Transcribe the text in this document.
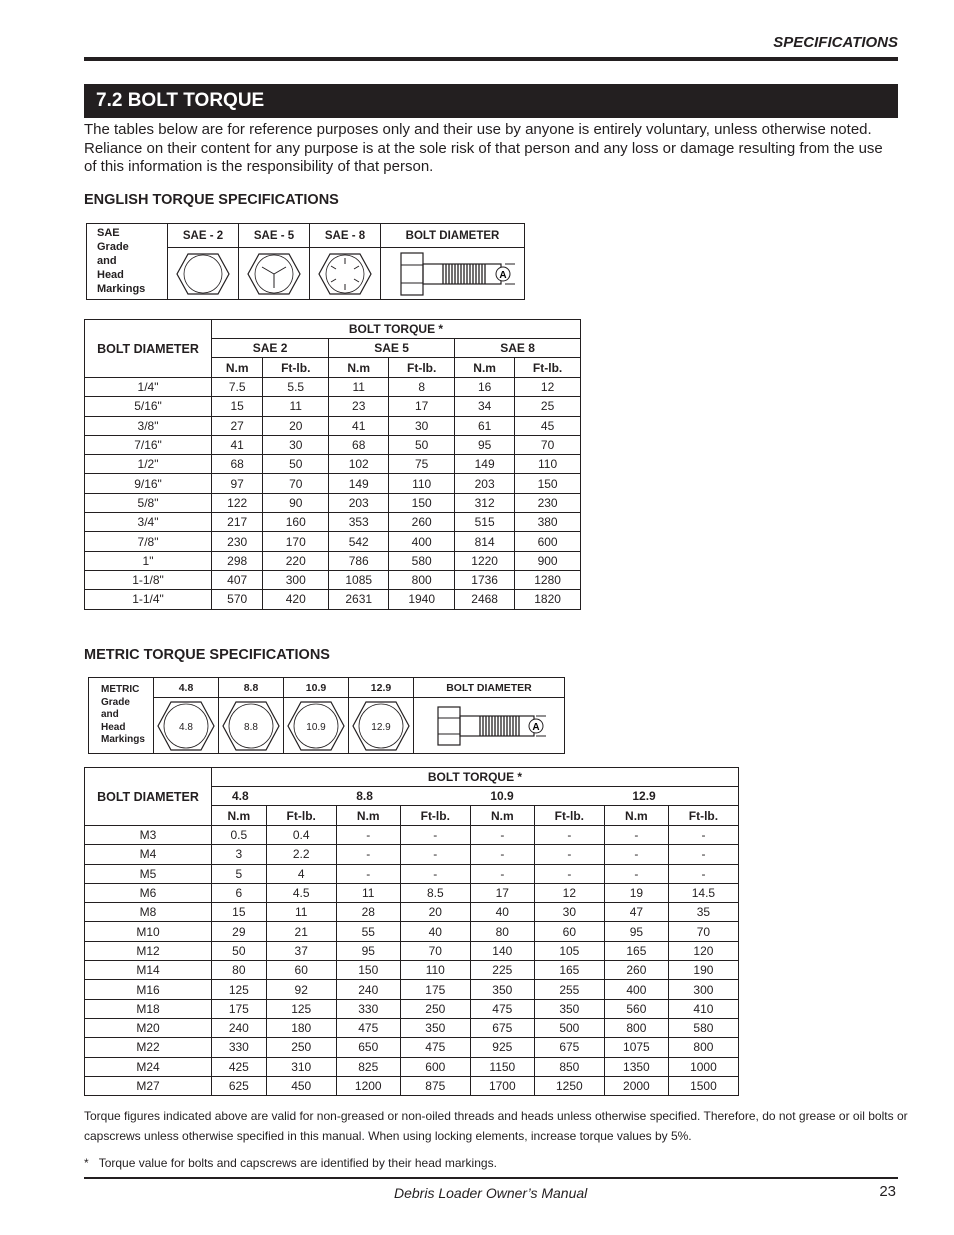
SPECIFICATIONS
7.2 BOLT TORQUE
The tables below are for reference purposes only and their use by anyone is entirely voluntary, unless otherwise noted. Reliance on their content for any purpose is at the sole risk of that person and any loss or damage resulting from the use of this information is the responsibility of that person.
ENGLISH TORQUE SPECIFICATIONS
SAE
Grade
and
Head
Markings	SAE - 2	SAE - 5	SAE - 8	BOLT DIAMETER

A
BOLT DIAMETER	BOLT TORQUE *					
	SAE 2		SAE 5		SAE 8	
	N.m	Ft-lb.	N.m	Ft-lb.	N.m	Ft-lb.
1/4"	7.5	5.5	11	8	16	12
5/16"	15	11	23	17	34	25
3/8"	27	20	41	30	61	45
7/16"	41	30	68	50	95	70
1/2"	68	50	102	75	149	110
9/16"	97	70	149	110	203	150
5/8"	122	90	203	150	312	230
3/4"	217	160	353	260	515	380
7/8"	230	170	542	400	814	600
1"	298	220	786	580	1220	900
1-1/8"	407	300	1085	800	1736	1280
1-1/4"	570	420	2631	1940	2468	1820
METRIC TORQUE SPECIFICATIONS
METRIC
Grade
and
Head
Markings	4.8	8.8	10.9	12.9	BOLT DIAMETER

4.8	8.8	10.9	12.9	A
BOLT DIAMETER	BOLT TORQUE *							
	4.8		8.8		10.9		12.9	
	N.m	Ft-lb.	N.m	Ft-lb.	N.m	Ft-lb.	N.m	Ft-lb.
M3	0.5	0.4	-	-	-	-	-	-
M4	3	2.2	-	-	-	-	-	-
M5	5	4	-	-	-	-	-	-
M6	6	4.5	11	8.5	17	12	19	14.5
M8	15	11	28	20	40	30	47	35
M10	29	21	55	40	80	60	95	70
M12	50	37	95	70	140	105	165	120
M14	80	60	150	110	225	165	260	190
M16	125	92	240	175	350	255	400	300
M18	175	125	330	250	475	350	560	410
M20	240	180	475	350	675	500	800	580
M22	330	250	650	475	925	675	1075	800
M24	425	310	825	600	1150	850	1350	1000
M27	625	450	1200	875	1700	1250	2000	1500
Torque figures indicated above are valid for non-greased or non-oiled threads and heads unless otherwise specified. Therefore, do not grease or oil bolts or capscrews unless otherwise specified in this manual. When using locking elements, increase torque values by 5%.
* Torque value for bolts and capscrews are identified by their head markings.
Debris Loader Owner’s Manual	23
